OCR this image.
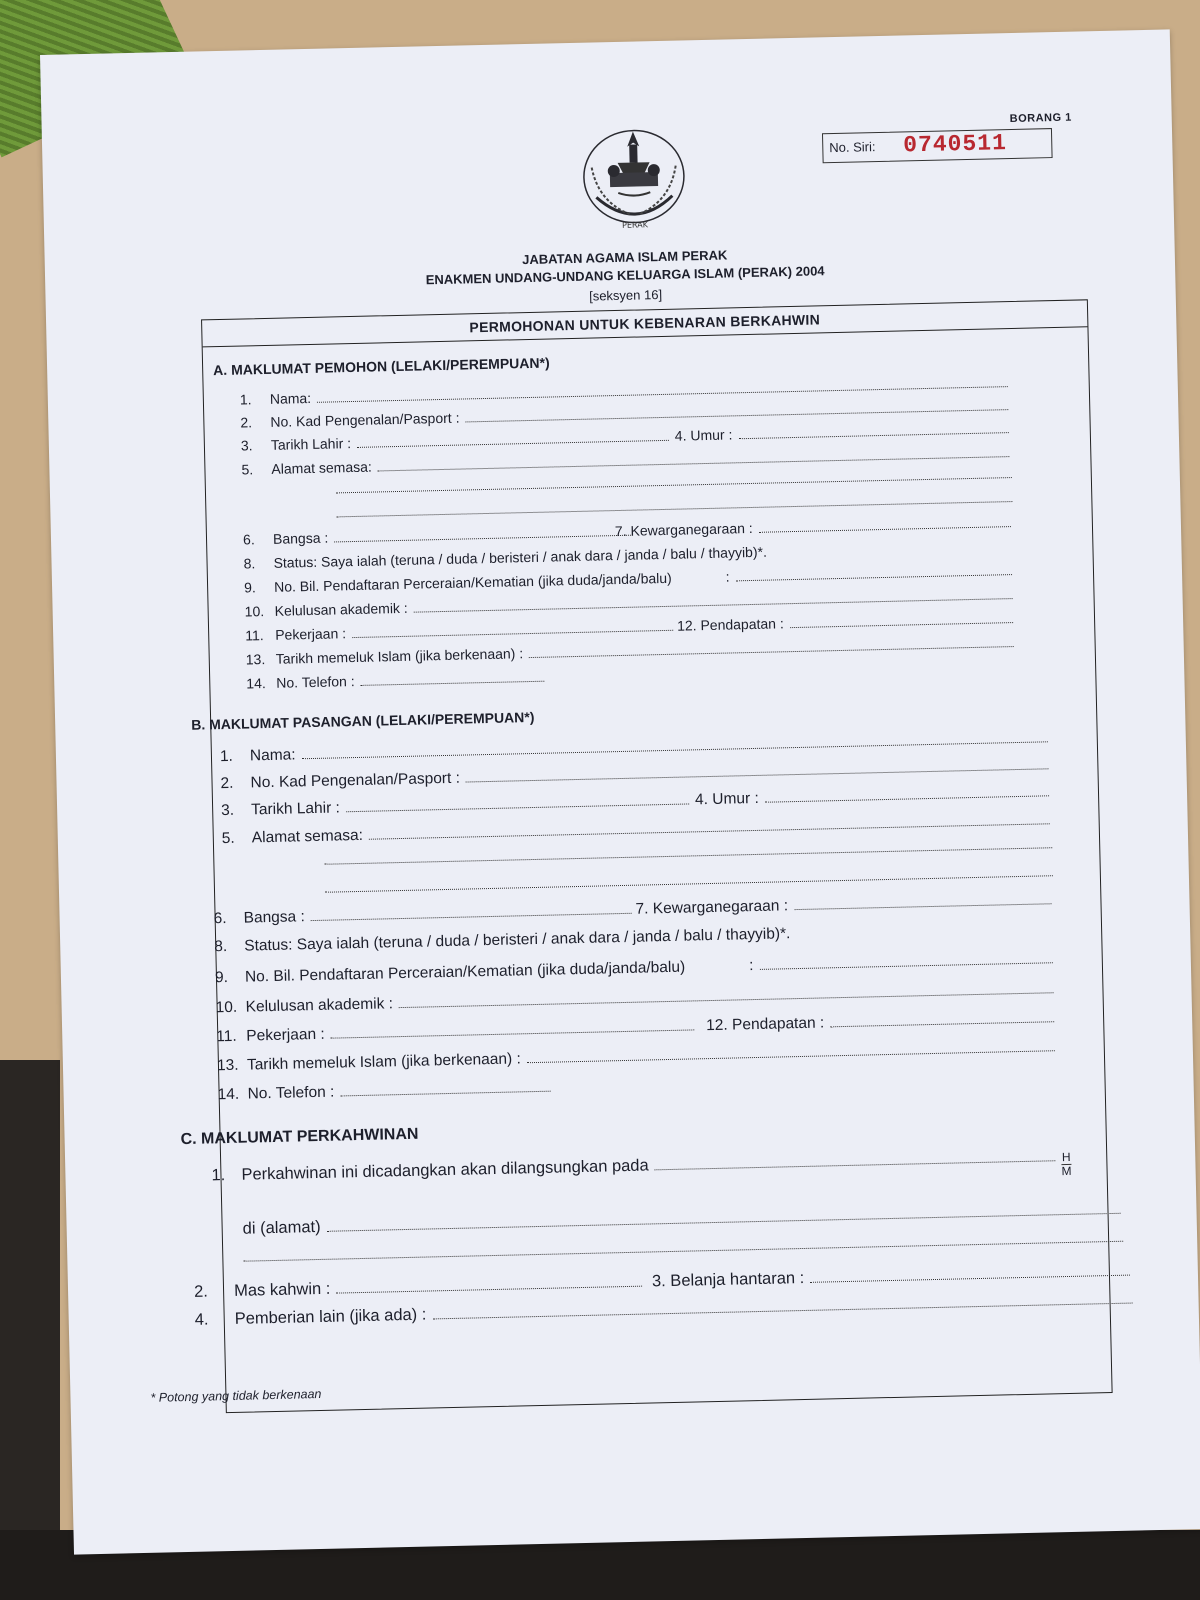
BORANG 1
No. Siri: 0740511
PERAK
JABATAN AGAMA ISLAM PERAK
ENAKMEN UNDANG-UNDANG KELUARGA ISLAM (PERAK) 2004
[seksyen 16]
PERMOHONAN UNTUK KEBENARAN BERKAHWIN
A. MAKLUMAT PEMOHON (LELAKI/PEREMPUAN*)
1.	Nama:
2.	No. Kad Pengenalan/Pasport :
3.	Tarikh Lahir :
4. Umur :
5.	Alamat semasa:
6.	Bangsa :	7. Kewarganegaraan :
8.	Status: Saya ialah (teruna / duda / beristeri / anak dara / janda / balu / thayyib)*.
9.	No. Bil. Pendaftaran Perceraian/Kematian (jika duda/janda/balu)	:
10. Kelulusan akademik :
11. Pekerjaan :
12. Pendapatan :
13. Tarikh memeluk Islam (jika berkenaan) :
14. No. Telefon :
B. MAKLUMAT PASANGAN (LELAKI/PEREMPUAN*)
1.	Nama:
2.	No. Kad Pengenalan/Pasport :
3.	Tarikh Lahir :
4. Umur :
5.	Alamat semasa:
6.	Bangsa :	7. Kewarganegaraan :
8.	Status: Saya ialah (teruna / duda / beristeri / anak dara / janda / balu / thayyib)*.
9.	No. Bil. Pendaftaran Perceraian/Kematian (jika duda/janda/balu)	:
10. Kelulusan akademik :
11. Pekerjaan :
12. Pendapatan :
13. Tarikh memeluk Islam (jika berkenaan) :
14. No. Telefon :
C. MAKLUMAT PERKAHWINAN
1. Perkahwinan ini dicadangkan akan dilangsungkan pada	H
M
di (alamat)
2.	Mas kahwin :	3. Belanja hantaran :
4.	Pemberian lain (jika ada) :
* Potong yang tidak berkenaan
